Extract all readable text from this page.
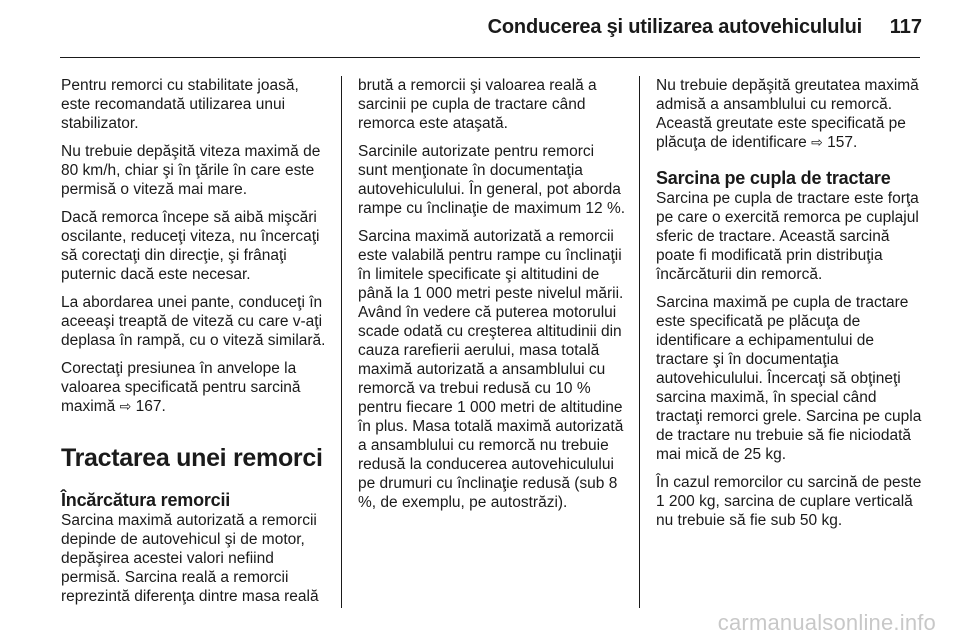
Conducerea şi utilizarea autovehiculului 117

Pentru remorci cu stabilitate joasă, este recomandată utilizarea unui stabilizator.

Nu trebuie depăşită viteza maximă de 80 km/h, chiar şi în ţările în care este permisă o viteză mai mare.

Dacă remorca începe să aibă mişcări oscilante, reduceţi viteza, nu încercaţi să corectaţi din direcţie, şi frânaţi puternic dacă este necesar.

La abordarea unei pante, conduceţi în aceeaşi treaptă de viteză cu care v-aţi deplasa în rampă, cu o viteză similară.

Corectaţi presiunea în anvelope la valoarea specificată pentru sarcină maximă ⇨ 167.

Tractarea unei remorci
Încărcătura remorcii

Sarcina maximă autorizată a remorcii depinde de autovehicul şi de motor, depăşirea acestei valori nefiind permisă. Sarcina reală a remorcii reprezintă diferenţa dintre masa reală

brută a remorcii şi valoarea reală a sarcinii pe cupla de tractare când remorca este ataşată.

Sarcinile autorizate pentru remorci sunt menţionate în documentaţia autovehiculului. În general, pot aborda rampe cu înclinaţie de maximum 12 %.

Sarcina maximă autorizată a remorcii este valabilă pentru rampe cu înclinaţii în limitele specificate şi altitudini de până la 1 000 metri peste nivelul mării. Având în vedere că puterea motorului scade odată cu creşterea altitudinii din cauza rarefierii aerului, masa totală maximă autorizată a ansamblului cu remorcă va trebui redusă cu 10 % pentru fiecare 1 000 metri de altitudine în plus. Masa totală maximă autorizată a ansamblului cu remorcă nu trebuie redusă la conducerea autovehiculului pe drumuri cu înclinaţie redusă (sub 8 %, de exemplu, pe autostrăzi).

Nu trebuie depăşită greutatea maximă admisă a ansamblului cu remorcă. Această greutate este specificată pe plăcuţa de identificare ⇨ 157.

Sarcina pe cupla de tractare

Sarcina pe cupla de tractare este forţa pe care o exercită remorca pe cuplajul sferic de tractare. Această sarcină poate fi modificată prin distribuţia încărcăturii din remorcă.

Sarcina maximă pe cupla de tractare este specificată pe plăcuţa de identificare a echipamentului de tractare şi în documentaţia autovehiculului. Încercaţi să obţineţi sarcina maximă, în special când tractaţi remorci grele. Sarcina pe cupla de tractare nu trebuie să fie niciodată mai mică de 25 kg.

În cazul remorcilor cu sarcină de peste 1 200 kg, sarcina de cuplare verticală nu trebuie să fie sub 50 kg.

carmanualsonline.info
